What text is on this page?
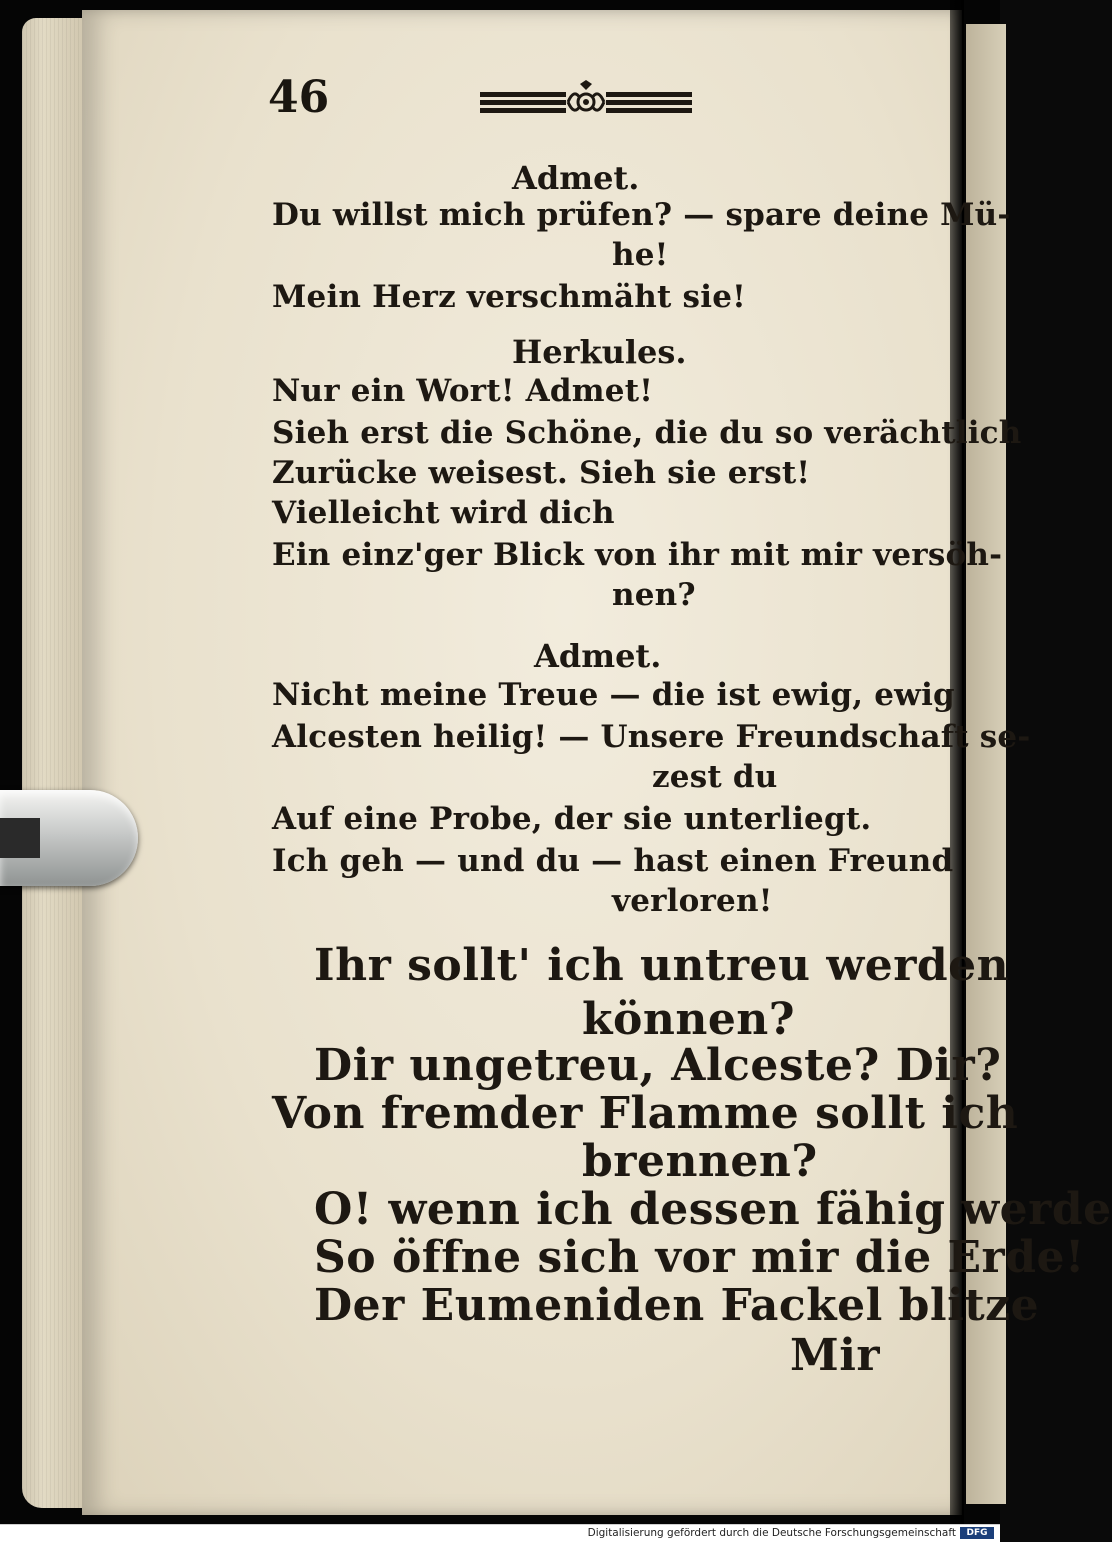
46

Admet.

Du willst mich prüfen? — spare deine Mü-

he!

Mein Herz verschmäht sie!

Herkules.

Nur ein Wort! Admet!

Sieh erst die Schöne, die du so verächtlich

Zurücke weisest. Sieh sie erst!

Vielleicht wird dich

Ein einz'ger Blick von ihr mit mir versöh-

nen?

Admet.

Nicht meine Treue — die ist ewig, ewig

Alcesten heilig! — Unsere Freundschaft se-

zest du

Auf eine Probe, der sie unterliegt.

Ich geh — und du — hast einen Freund

verloren!

Ihr sollt' ich untreu werden

können?

Dir ungetreu, Alceste? Dir?

Von fremder Flamme sollt ich

brennen?

O! wenn ich dessen fähig werde

So öffne sich vor mir die Erde!

Der Eumeniden Fackel blitze

Mir

Digitalisierung gefördert durch die Deutsche Forschungsgemeinschaft	DFG
